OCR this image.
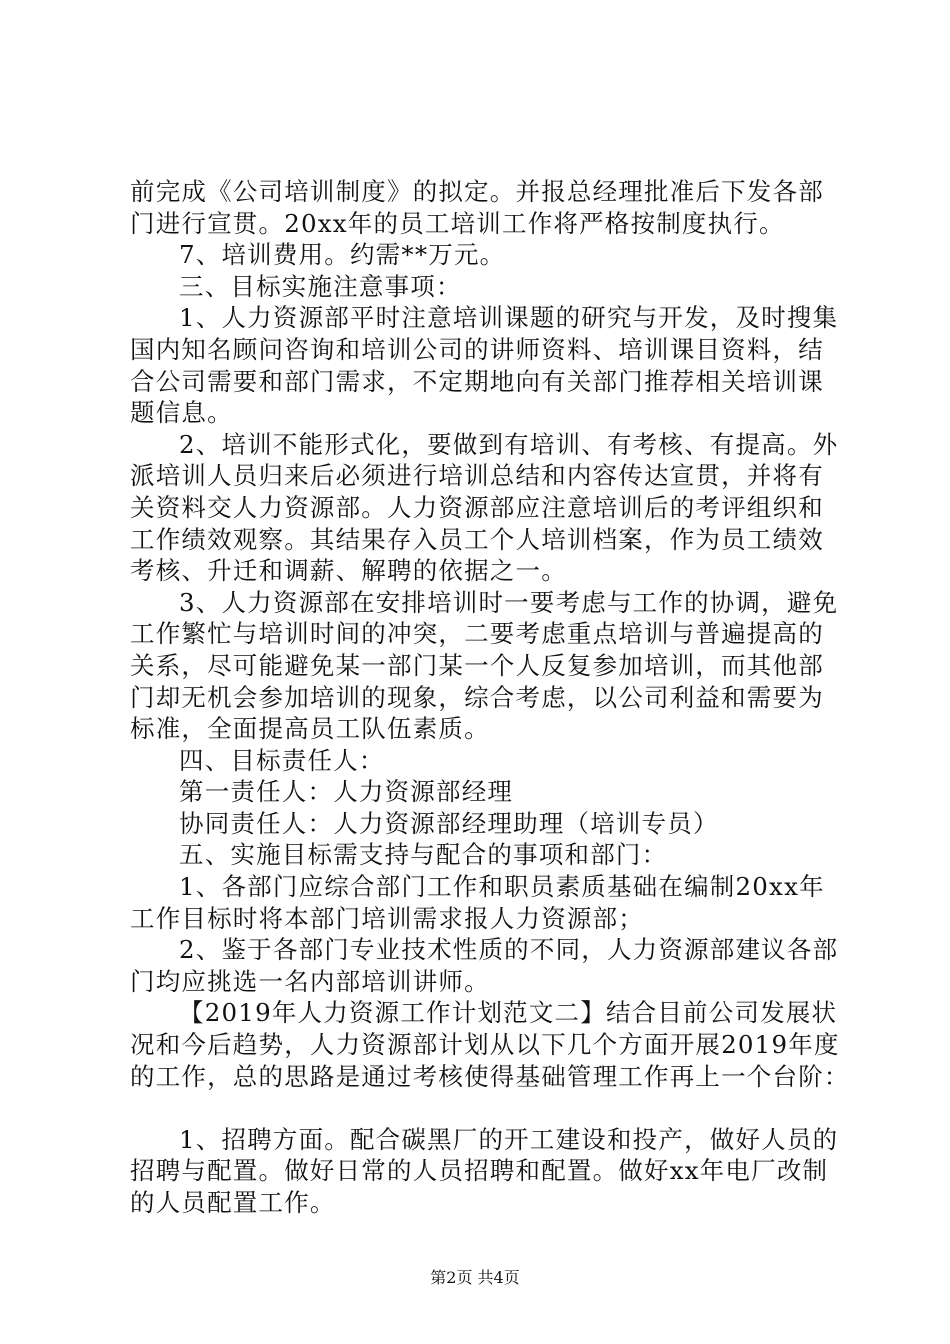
前完成《公司培训制度》的拟定。并报总经理批准后下发各部
门进行宣贯。20xx年的员工培训工作将严格按制度执行。
7、培训费用。约需**万元。
三、目标实施注意事项：
1、人力资源部平时注意培训课题的研究与开发，及时搜集
国内知名顾问咨询和培训公司的讲师资料、培训课目资料，结
合公司需要和部门需求，不定期地向有关部门推荐相关培训课
题信息。
2、培训不能形式化，要做到有培训、有考核、有提高。外
派培训人员归来后必须进行培训总结和内容传达宣贯，并将有
关资料交人力资源部。人力资源部应注意培训后的考评组织和
工作绩效观察。其结果存入员工个人培训档案，作为员工绩效
考核、升迁和调薪、解聘的依据之一。
3、人力资源部在安排培训时一要考虑与工作的协调，避免
工作繁忙与培训时间的冲突，二要考虑重点培训与普遍提高的
关系，尽可能避免某一部门某一个人反复参加培训，而其他部
门却无机会参加培训的现象，综合考虑，以公司利益和需要为
标准，全面提高员工队伍素质。
四、目标责任人：
第一责任人：人力资源部经理
协同责任人：人力资源部经理助理（培训专员）
五、实施目标需支持与配合的事项和部门：
1、各部门应综合部门工作和职员素质基础在编制20xx年
工作目标时将本部门培训需求报人力资源部；
2、鉴于各部门专业技术性质的不同，人力资源部建议各部
门均应挑选一名内部培训讲师。
【2019年人力资源工作计划范文二】结合目前公司发展状
况和今后趋势，人力资源部计划从以下几个方面开展2019年度
的工作，总的思路是通过考核使得基础管理工作再上一个台阶：
1、招聘方面。配合碳黑厂的开工建设和投产，做好人员的
招聘与配置。做好日常的人员招聘和配置。做好xx年电厂改制
的人员配置工作。
第2页 共4页
